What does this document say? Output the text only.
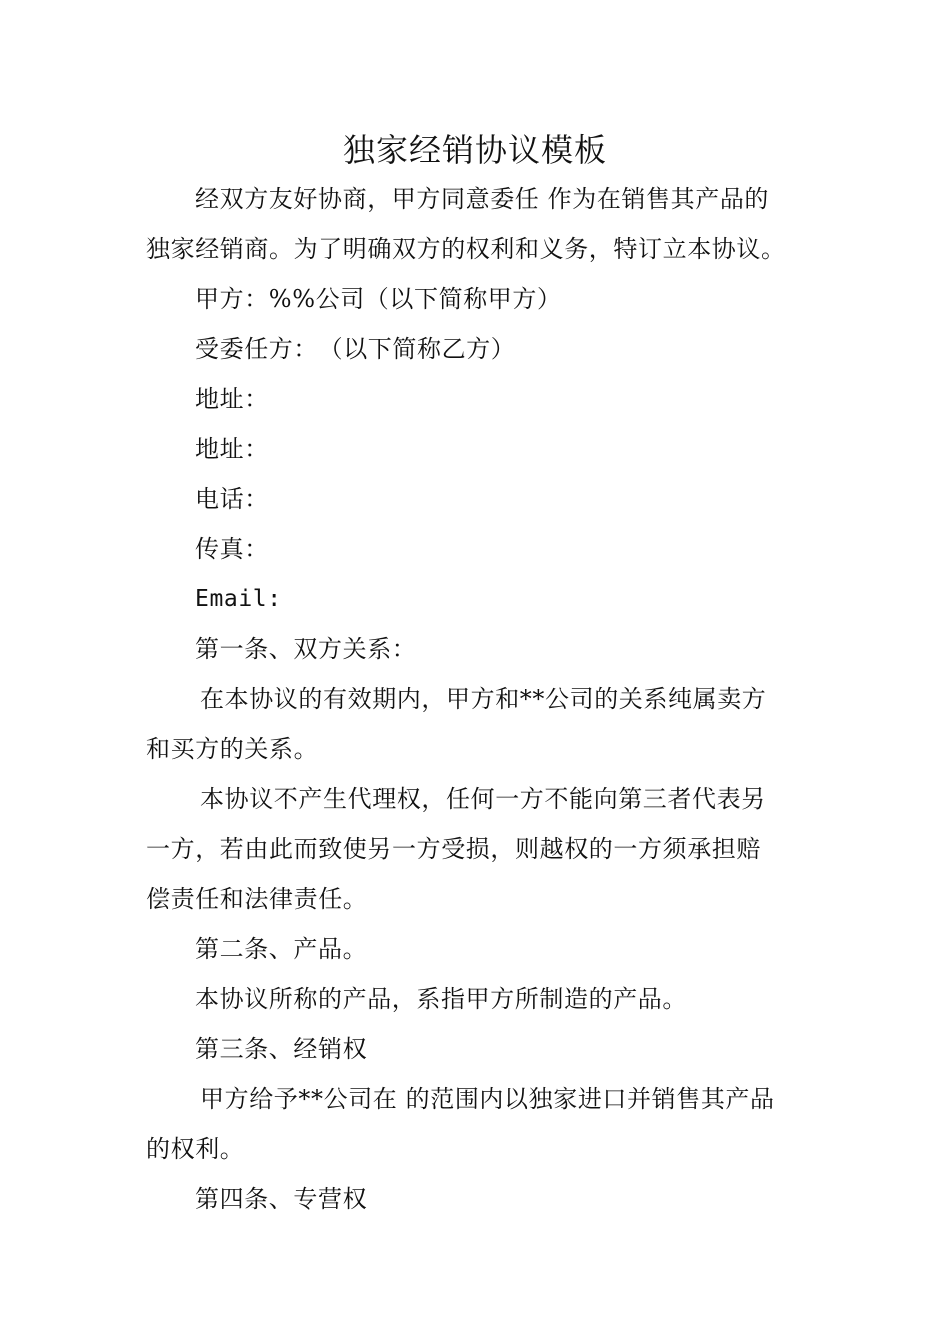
独家经销协议模板
经双方友好协商，甲方同意委任 作为在销售其产品的
独家经销商。为了明确双方的权利和义务，特订立本协议。
甲方：%%公司（以下简称甲方）
受委任方：　（以下简称乙方）
地址：
地址：
电话：
传真：
Email:
第一条、双方关系：
在本协议的有效期内，甲方和**公司的关系纯属卖方
和买方的关系。
本协议不产生代理权，任何一方不能向第三者代表另
一方，若由此而致使另一方受损，则越权的一方须承担赔
偿责任和法律责任。
第二条、产品。
本协议所称的产品，系指甲方所制造的产品。
第三条、经销权
甲方给予**公司在 的范围内以独家进口并销售其产品
的权利。
第四条、专营权
